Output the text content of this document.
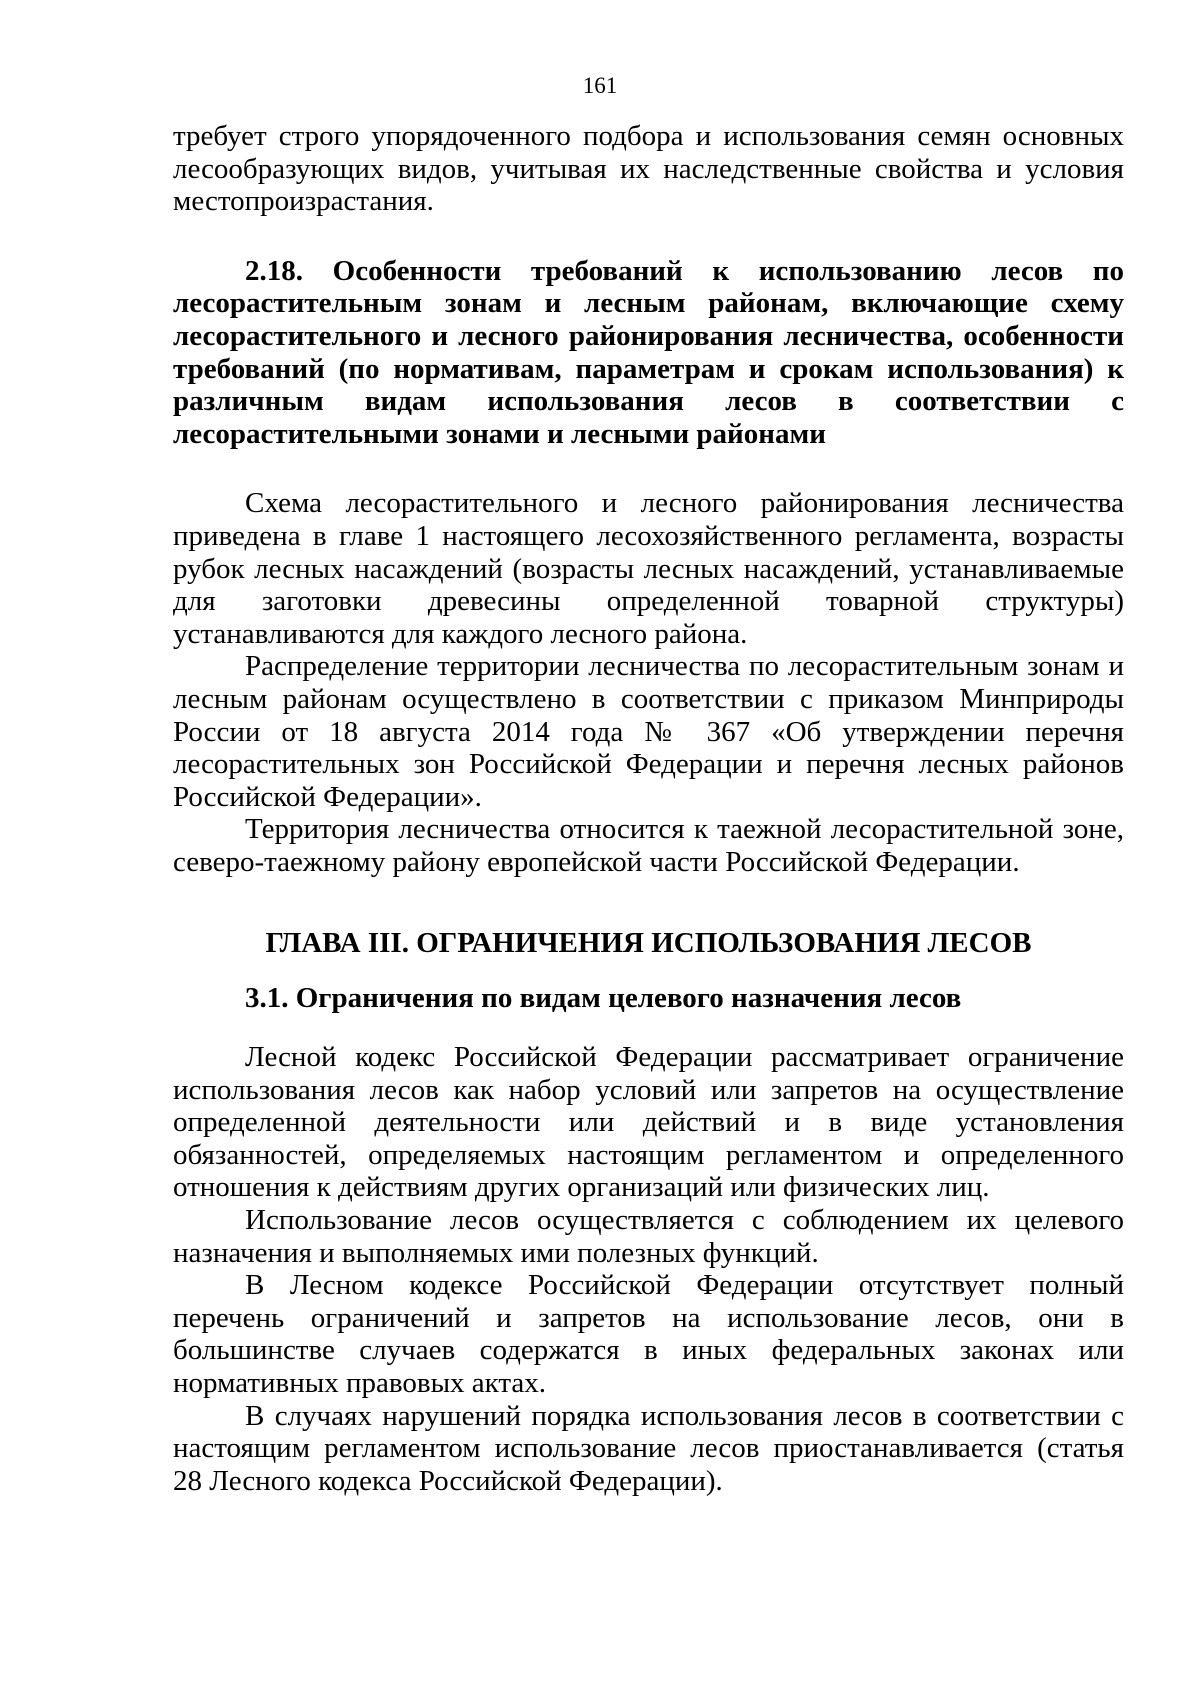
161

требует строго упорядоченного подбора и использования семян основных лесообразующих видов, учитывая их наследственные свойства и условия местопроизрастания.

2.18. Особенности требований к использованию лесов по лесорастительным зонам и лесным районам, включающие схему лесорастительного и лесного районирования лесничества, особенности требований (по нормативам, параметрам и срокам использования) к различным видам использования лесов в соответствии с лесорастительными зонами и лесными районами

Схема лесорастительного и лесного районирования лесничества приведена в главе 1 настоящего лесохозяйственного регламента, возрасты рубок лесных насаждений (возрасты лесных насаждений, устанавливаемые для заготовки древесины определенной товарной структуры) устанавливаются для каждого лесного района.

Распределение территории лесничества по лесорастительным зонам и лесным районам осуществлено в соответствии с приказом Минприроды России от 18 августа 2014 года № 367 «Об утверждении перечня лесорастительных зон Российской Федерации и перечня лесных районов Российской Федерации».

Территория лесничества относится к таежной лесорастительной зоне, северо-таежному району европейской части Российской Федерации.

ГЛАВА III. ОГРАНИЧЕНИЯ ИСПОЛЬЗОВАНИЯ ЛЕСОВ

3.1. Ограничения по видам целевого назначения лесов

Лесной кодекс Российской Федерации рассматривает ограничение использования лесов как набор условий или запретов на осуществление определенной деятельности или действий и в виде установления обязанностей, определяемых настоящим регламентом и определенного отношения к действиям других организаций или физических лиц.

Использование лесов осуществляется с соблюдением их целевого назначения и выполняемых ими полезных функций.

В Лесном кодексе Российской Федерации отсутствует полный перечень ограничений и запретов на использование лесов, они в большинстве случаев содержатся в иных федеральных законах или нормативных правовых актах.

В случаях нарушений порядка использования лесов в соответствии с настоящим регламентом использование лесов приостанавливается (статья 28 Лесного кодекса Российской Федерации).
